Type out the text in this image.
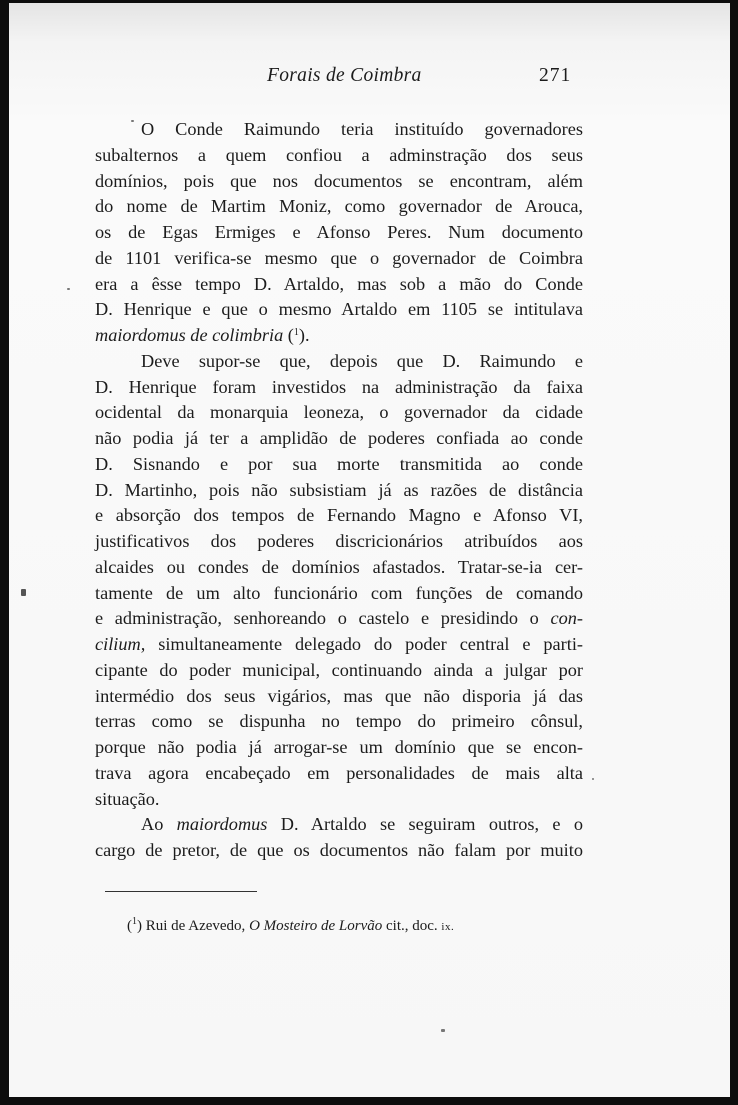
Forais de Coimbra	271
O Conde Raimundo teria instituído governadores
subalternos a quem confiou a adminstração dos seus
domínios, pois que nos documentos se encontram, além
do nome de Martim Moniz, como governador de Arouca,
os de Egas Ermiges e Afonso Peres. Num documento
de 1101 verifica-se mesmo que o governador de Coimbra
era a êsse tempo D. Artaldo, mas sob a mão do Conde
D. Henrique e que o mesmo Artaldo em 1105 se intitulava
maiordomus de colimbria ($^1$).
Deve supor-se que, depois que D. Raimundo e
D. Henrique foram investidos na administração da faixa
ocidental da monarquia leoneza, o governador da cidade
não podia já ter a amplidão de poderes confiada ao conde
D. Sisnando e por sua morte transmitida ao conde
D. Martinho, pois não subsistiam já as razões de distância
e absorção dos tempos de Fernando Magno e Afonso VI,
justificativos dos poderes discricionários atribuídos aos
alcaides ou condes de domínios afastados. Tratar-se-ia cer-
tamente de um alto funcionário com funções de comando
e administração, senhoreando o castelo e presidindo o con-
cilium, simultaneamente delegado do poder central e parti-
cipante do poder municipal, continuando ainda a julgar por
intermédio dos seus vigários, mas que não disporia já das
terras como se dispunha no tempo do primeiro cônsul,
porque não podia já arrogar-se um domínio que se encon-
trava agora encabeçado em personalidades de mais alta
situação.
Ao maiordomus D. Artaldo se seguiram outros, e o
cargo de pretor, de que os documentos não falam por muito
($^1$) Rui de Azevedo, O Mosteiro de Lorvão cit., doc. ix.
